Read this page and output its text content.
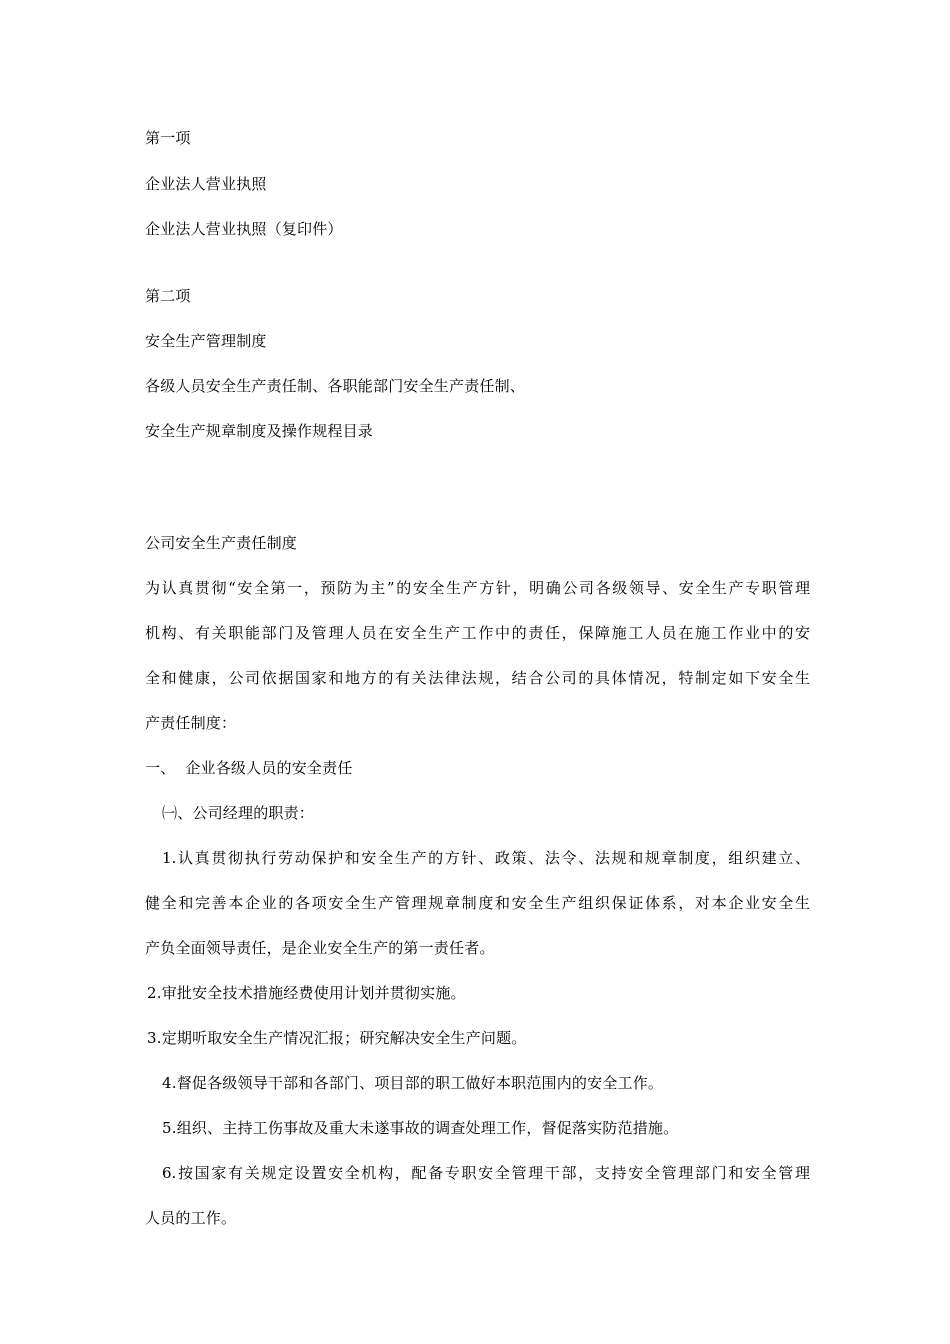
第一项
企业法人营业执照
企业法人营业执照（复印件）
第二项
安全生产管理制度
各级人员安全生产责任制、各职能部门安全生产责任制、
安全生产规章制度及操作规程目录
公司安全生产责任制度
为认真贯彻“安全第一，预防为主”的安全生产方针，明确公司各级领导、安全生产专职管理
机构、有关职能部门及管理人员在安全生产工作中的责任，保障施工人员在施工作业中的安
全和健康，公司依据国家和地方的有关法律法规，结合公司的具体情况，特制定如下安全生
产责任制度：
一、  企业各级人员的安全责任
㈠、公司经理的职责：
1.认真贯彻执行劳动保护和安全生产的方针、政策、法令、法规和规章制度，组织建立、
健全和完善本企业的各项安全生产管理规章制度和安全生产组织保证体系，对本企业安全生
产负全面领导责任，是企业安全生产的第一责任者。
2.审批安全技术措施经费使用计划并贯彻实施。
3.定期听取安全生产情况汇报；研究解决安全生产问题。
4.督促各级领导干部和各部门、项目部的职工做好本职范围内的安全工作。
5.组织、主持工伤事故及重大未遂事故的调查处理工作，督促落实防范措施。
6.按国家有关规定设置安全机构，配备专职安全管理干部，支持安全管理部门和安全管理
人员的工作。
